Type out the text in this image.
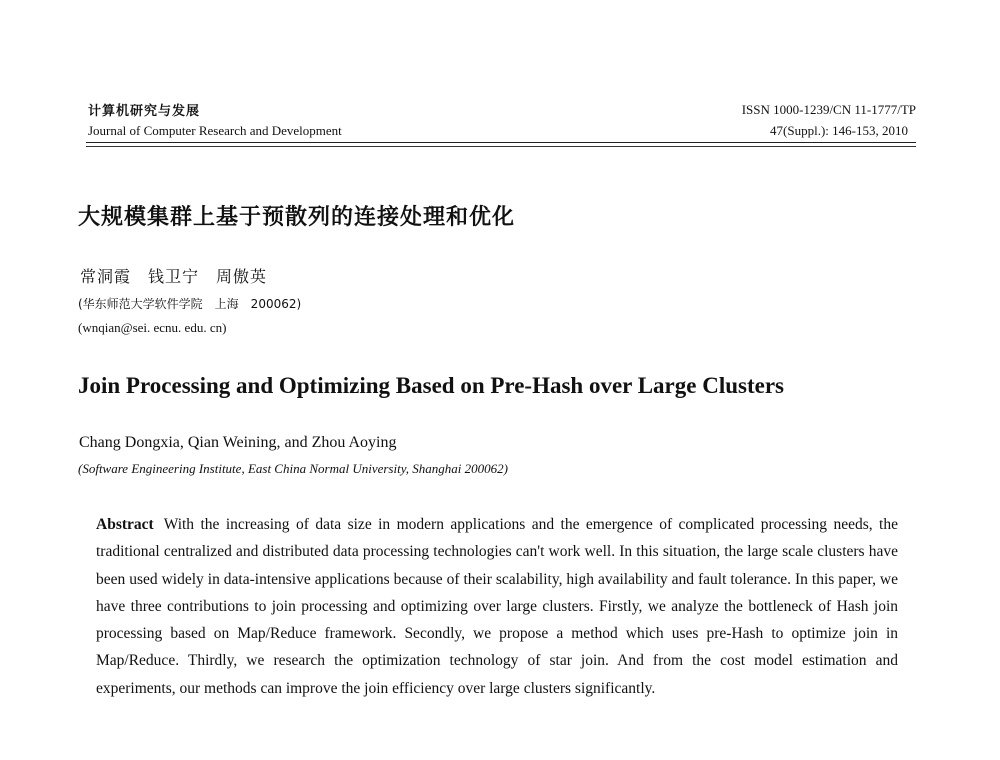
计算机研究与发展
Journal of Computer Research and Development
ISSN 1000-1239/CN 11-1777/TP
47(Suppl.): 146-153, 2010
大规模集群上基于预散列的连接处理和优化
常洞霞　钱卫宁　周傲英
(华东师范大学软件学院　上海　200062)
(wnqian@sei. ecnu. edu. cn)
Join Processing and Optimizing Based on Pre-Hash over Large Clusters
Chang Dongxia, Qian Weining, and Zhou Aoying
(Software Engineering Institute, East China Normal University, Shanghai 200062)
Abstract With the increasing of data size in modern applications and the emergence of complicated processing needs, the traditional centralized and distributed data processing technologies can't work well. In this situation, the large scale clusters have been used widely in data-intensive applications because of their scalability, high availability and fault tolerance. In this paper, we have three contributions to join processing and optimizing over large clusters. Firstly, we analyze the bottleneck of Hash join processing based on Map/Reduce framework. Secondly, we propose a method which uses pre-Hash to optimize join in Map/Reduce. Thirdly, we research the optimization technology of star join. And from the cost model estimation and experiments, our methods can improve the join efficiency over large clusters significantly.
